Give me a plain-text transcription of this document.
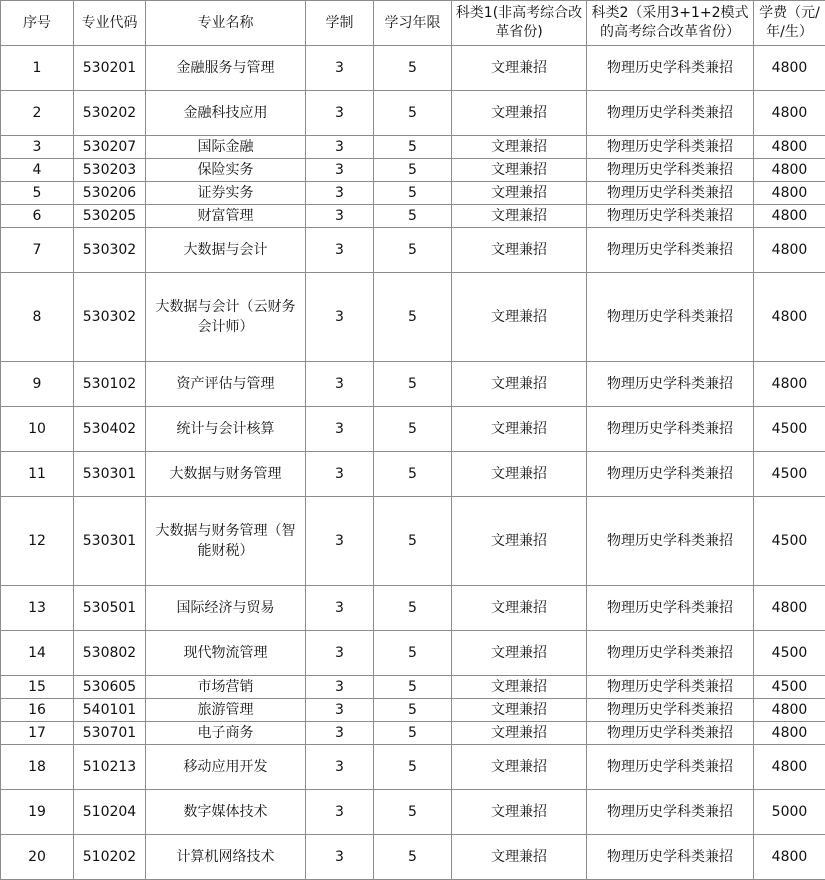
序号	专业代码	专业名称	学制	学习年限	科类1(非高考综合改革省份)	科类2（采用3+1+2模式的高考综合改革省份）	学费（元/年/生）
1	530201	金融服务与管理	3	5	文理兼招	物理历史学科类兼招	4800
2	530202	金融科技应用	3	5	文理兼招	物理历史学科类兼招	4800
3	530207	国际金融	3	5	文理兼招	物理历史学科类兼招	4800
4	530203	保险实务	3	5	文理兼招	物理历史学科类兼招	4800
5	530206	证券实务	3	5	文理兼招	物理历史学科类兼招	4800
6	530205	财富管理	3	5	文理兼招	物理历史学科类兼招	4800
7	530302	大数据与会计	3	5	文理兼招	物理历史学科类兼招	4800
8	530302	大数据与会计（云财务会计师）	3	5	文理兼招	物理历史学科类兼招	4800
9	530102	资产评估与管理	3	5	文理兼招	物理历史学科类兼招	4800
10	530402	统计与会计核算	3	5	文理兼招	物理历史学科类兼招	4500
11	530301	大数据与财务管理	3	5	文理兼招	物理历史学科类兼招	4500
12	530301	大数据与财务管理（智能财税）	3	5	文理兼招	物理历史学科类兼招	4500
13	530501	国际经济与贸易	3	5	文理兼招	物理历史学科类兼招	4800
14	530802	现代物流管理	3	5	文理兼招	物理历史学科类兼招	4500
15	530605	市场营销	3	5	文理兼招	物理历史学科类兼招	4500
16	540101	旅游管理	3	5	文理兼招	物理历史学科类兼招	4800
17	530701	电子商务	3	5	文理兼招	物理历史学科类兼招	4800
18	510213	移动应用开发	3	5	文理兼招	物理历史学科类兼招	4800
19	510204	数字媒体技术	3	5	文理兼招	物理历史学科类兼招	5000
20	510202	计算机网络技术	3	5	文理兼招	物理历史学科类兼招	4800
